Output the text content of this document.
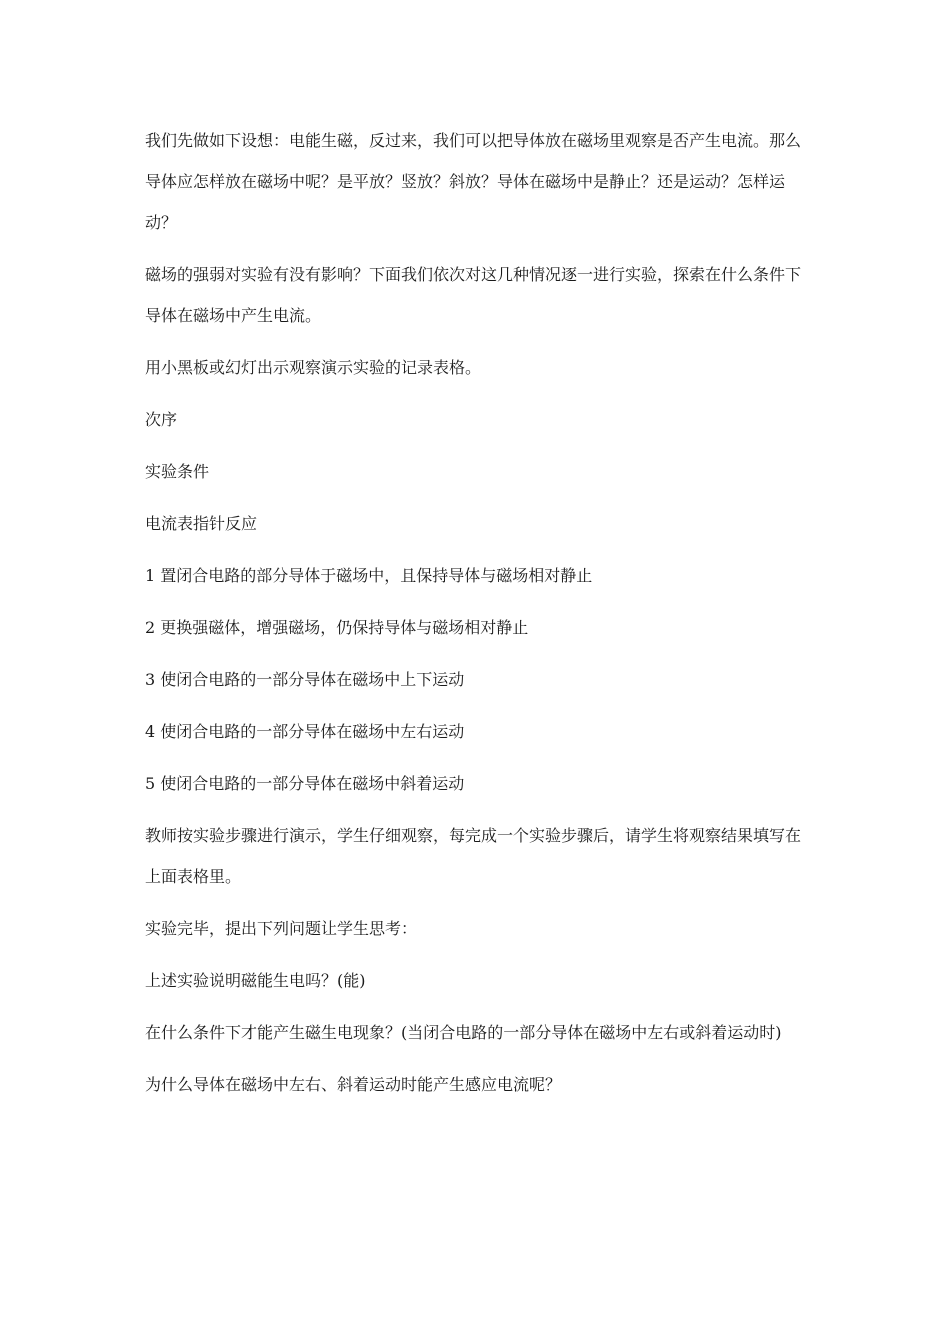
我们先做如下设想：电能生磁，反过来，我们可以把导体放在磁场里观察是否产生电流。那么导体应怎样放在磁场中呢？是平放？竖放？斜放？导体在磁场中是静止？还是运动？怎样运动？

磁场的强弱对实验有没有影响？下面我们依次对这几种情况逐一进行实验，探索在什么条件下导体在磁场中产生电流。

用小黑板或幻灯出示观察演示实验的记录表格。

次序

实验条件

电流表指针反应

1 置闭合电路的部分导体于磁场中，且保持导体与磁场相对静止

2 更换强磁体，增强磁场，仍保持导体与磁场相对静止

3 使闭合电路的一部分导体在磁场中上下运动

4 使闭合电路的一部分导体在磁场中左右运动

5 使闭合电路的一部分导体在磁场中斜着运动

教师按实验步骤进行演示，学生仔细观察，每完成一个实验步骤后，请学生将观察结果填写在上面表格里。

实验完毕，提出下列问题让学生思考：

上述实验说明磁能生电吗？(能)

在什么条件下才能产生磁生电现象？(当闭合电路的一部分导体在磁场中左右或斜着运动时)

为什么导体在磁场中左右、斜着运动时能产生感应电流呢？
